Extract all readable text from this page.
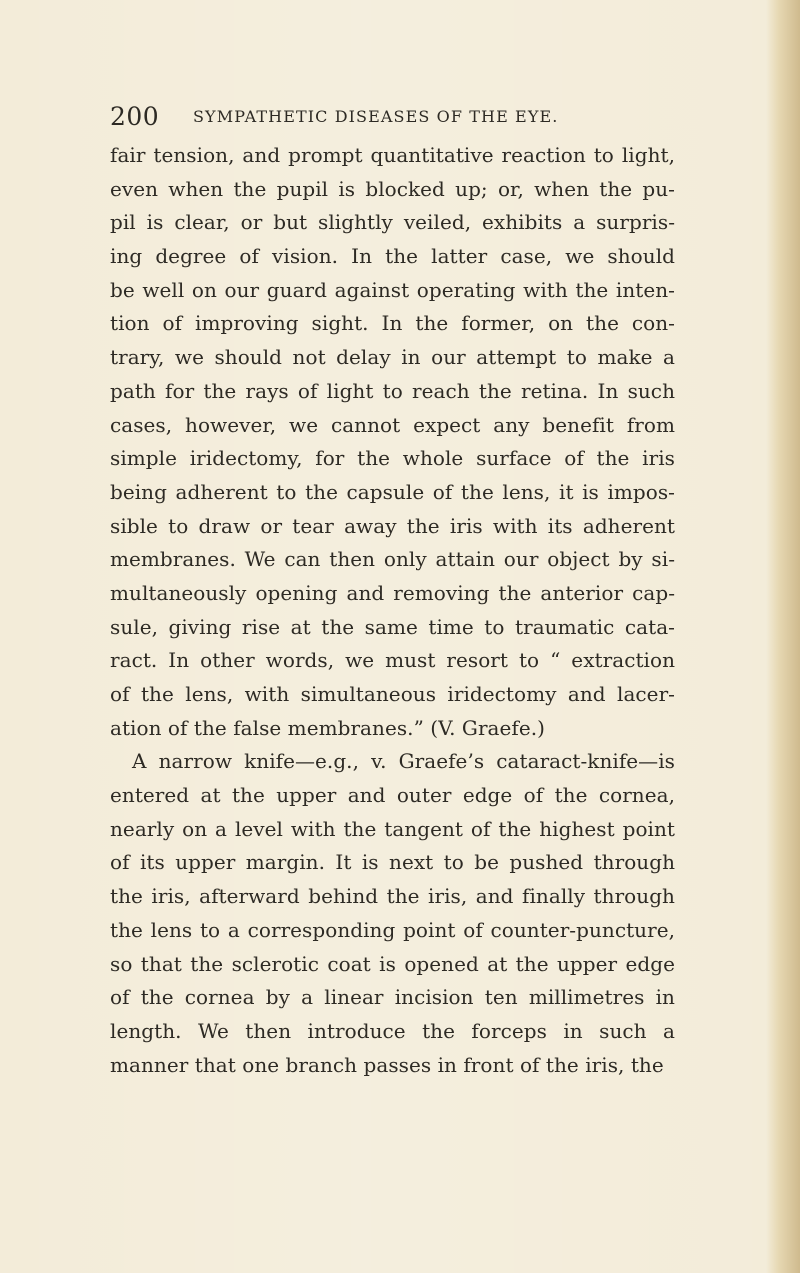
200 SYMPATHETIC DISEASES OF THE EYE.
fair tension, and prompt quantitative reaction to light,
even when the pupil is blocked up; or, when the pu-
pil is clear, or but slightly veiled, exhibits a surpris-
ing degree of vision. In the latter case, we should
be well on our guard against operating with the inten-
tion of improving sight. In the former, on the con-
trary, we should not delay in our attempt to make a
path for the rays of light to reach the retina. In such
cases, however, we cannot expect any benefit from
simple iridectomy, for the whole surface of the iris
being adherent to the capsule of the lens, it is impos-
sible to draw or tear away the iris with its adherent
membranes. We can then only attain our object by si-
multaneously opening and removing the anterior cap-
sule, giving rise at the same time to traumatic cata-
ract. In other words, we must resort to “ extraction
of the lens, with simultaneous iridectomy and lacer-
ation of the false membranes.” (V. Graefe.)
A narrow knife—e.g., v. Graefe’s cataract-knife—is
entered at the upper and outer edge of the cornea,
nearly on a level with the tangent of the highest point
of its upper margin. It is next to be pushed through
the iris, afterward behind the iris, and finally through
the lens to a corresponding point of counter-puncture,
so that the sclerotic coat is opened at the upper edge
of the cornea by a linear incision ten millimetres in
length. We then introduce the forceps in such a
manner that one branch passes in front of the iris, the
